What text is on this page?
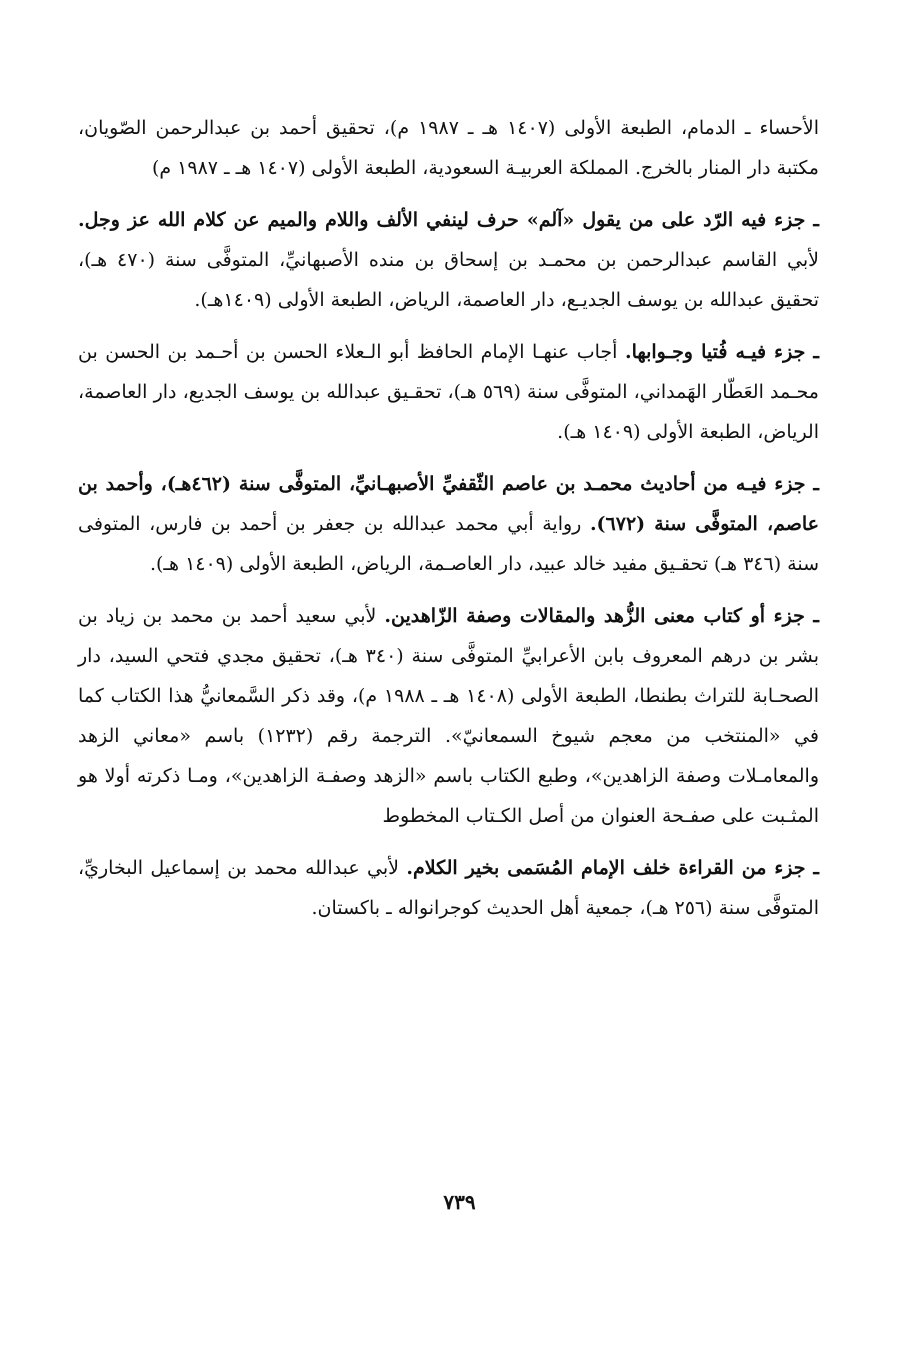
الأحساء ـ الدمام، الطبعة الأولى (١٤٠٧ هـ ـ ١٩٨٧ م)، تحقيق أحمد بن عبدالرحمن الصّويان، مكتبة دار المنار بالخرج. المملكة العربيـة السعودية، الطبعة الأولى (١٤٠٧ هـ ـ ١٩٨٧ م)

ـ جزء فيه الرّد على من يقول «آلم» حرف لينفي الألف واللام والميم عن كلام الله عز وجل. لأبي القاسم عبدالرحمن بن محمـد بن إسحاق بن منده الأصبهانيِّ، المتوفَّى سنة (٤٧٠ هـ)، تحقيق عبدالله بن يوسف الجديـع، دار العاصمة، الرياض، الطبعة الأولى (١٤٠٩هـ).

ـ جزء فيـه فُتيا وجـوابها. أجاب عنهـا الإمام الحافظ أبو الـعلاء الحسن بن أحـمد بن الحسن بن محـمد العَطّار الهَمداني، المتوفَّى سنة (٥٦٩ هـ)، تحقـيق عبدالله بن يوسف الجديع، دار العاصمة، الرياض، الطبعة الأولى (١٤٠٩ هـ).

ـ جزء فيـه من أحاديث محمـد بن عاصم الثّقفيِّ الأصبهـانيِّ، المتوفَّى سنة (٤٦٢هـ)، وأحمد بن عاصم، المتوفَّى سنة (٦٧٢). رواية أبي محمد عبدالله بن جعفر بن أحمد بن فارس، المتوفى سنة (٣٤٦ هـ) تحقـيق مفيد خالد عبيد، دار العاصـمة، الرياض، الطبعة الأولى (١٤٠٩ هـ).

ـ جزء أو كتاب معنى الزُّهد والمقالات وصفة الزّاهدين. لأبي سعيد أحمد بن محمد بن زياد بن بشر بن درهم المعروف بابن الأعرابيِّ المتوفَّى سنة (٣٤٠ هـ)، تحقيق مجدي فتحي السيد، دار الصحـابة للتراث بطنطا، الطبعة الأولى (١٤٠٨ هـ ـ ١٩٨٨ م)، وقد ذكر السَّمعانيُّ هذا الكتاب كما في «المنتخب من معجم شيوخ السمعانيّ». الترجمة رقم (١٢٣٢) باسم «معاني الزهد والمعامـلات وصفة الزاهدين»، وطبع الكتاب باسم «الزهد وصفـة الزاهدين»، ومـا ذكرته أولا هو المثـبت على صفـحة العنوان من أصل الكـتاب المخطوط

ـ جزء من القراءة خلف الإمام المُسَمى بخير الكلام. لأبي عبدالله محمد بن إسماعيل البخاريِّ، المتوفَّى سنة (٢٥٦ هـ)، جمعية أهل الحديث كوجرانواله ـ باكستان.

٧٣٩
